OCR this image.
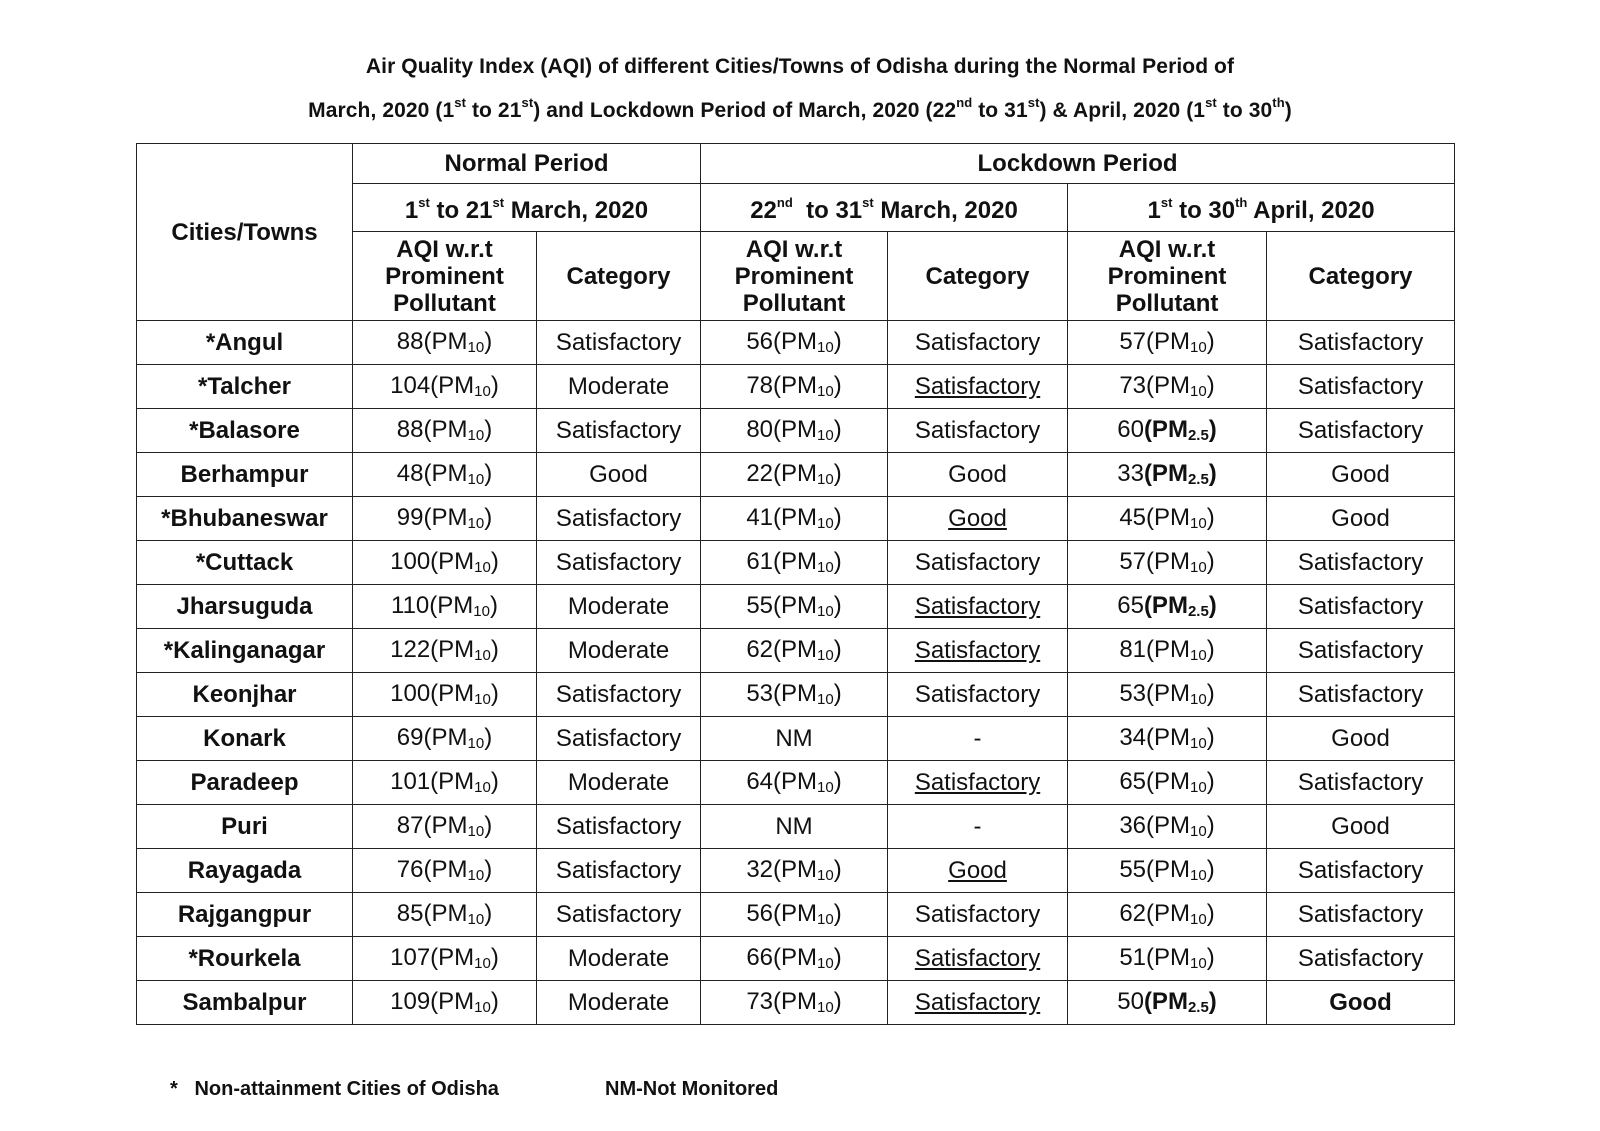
Air Quality Index (AQI) of different Cities/Towns of Odisha during the Normal Period of
March, 2020 (1st to 21st) and Lockdown Period of March, 2020 (22nd to 31st) & April, 2020 (1st to 30th)
Cities/Towns	Normal Period		Lockdown Period			
	1st to 21st March, 2020		22nd  to 31st March, 2020		1st to 30th April, 2020	
	AQI w.r.t
Prominent
Pollutant	Category	AQI w.r.t
Prominent
Pollutant	Category	AQI w.r.t
Prominent
Pollutant	Category
*Angul	$88(PM_{10})$	Satisfactory	$56(PM_{10})$	Satisfactory	$57(PM_{10})$	Satisfactory
*Talcher	$104(PM_{10})$	Moderate	$78(PM_{10})$	Satisfactory	$73(PM_{10})$	Satisfactory
*Balasore	$88(PM_{10})$	Satisfactory	$80(PM_{10})$	Satisfactory	$60(PM_{2.5})$	Satisfactory
Berhampur	$48(PM_{10})$	Good	$22(PM_{10})$	Good	$33(PM_{2.5})$	Good
*Bhubaneswar	$99(PM_{10})$	Satisfactory	$41(PM_{10})$	Good	$45(PM_{10})$	Good
*Cuttack	$100(PM_{10})$	Satisfactory	$61(PM_{10})$	Satisfactory	$57(PM_{10})$	Satisfactory
Jharsuguda	$110(PM_{10})$	Moderate	$55(PM_{10})$	Satisfactory	$65(PM_{2.5})$	Satisfactory
*Kalinganagar	$122(PM_{10})$	Moderate	$62(PM_{10})$	Satisfactory	$81(PM_{10})$	Satisfactory
Keonjhar	$100(PM_{10})$	Satisfactory	$53(PM_{10})$	Satisfactory	$53(PM_{10})$	Satisfactory
Konark	$69(PM_{10})$	Satisfactory	NM	-	$34(PM_{10})$	Good
Paradeep	$101(PM_{10})$	Moderate	$64(PM_{10})$	Satisfactory	$65(PM_{10})$	Satisfactory
Puri	$87(PM_{10})$	Satisfactory	NM	-	$36(PM_{10})$	Good
Rayagada	$76(PM_{10})$	Satisfactory	$32(PM_{10})$	Good	$55(PM_{10})$	Satisfactory
Rajgangpur	$85(PM_{10})$	Satisfactory	$56(PM_{10})$	Satisfactory	$62(PM_{10})$	Satisfactory
*Rourkela	$107(PM_{10})$	Moderate	$66(PM_{10})$	Satisfactory	$51(PM_{10})$	Satisfactory
Sambalpur	$109(PM_{10})$	Moderate	$73(PM_{10})$	Satisfactory	$50(PM_{2.5})$	Good
*   Non-attainment Cities of Odisha	NM-Not Monitored
